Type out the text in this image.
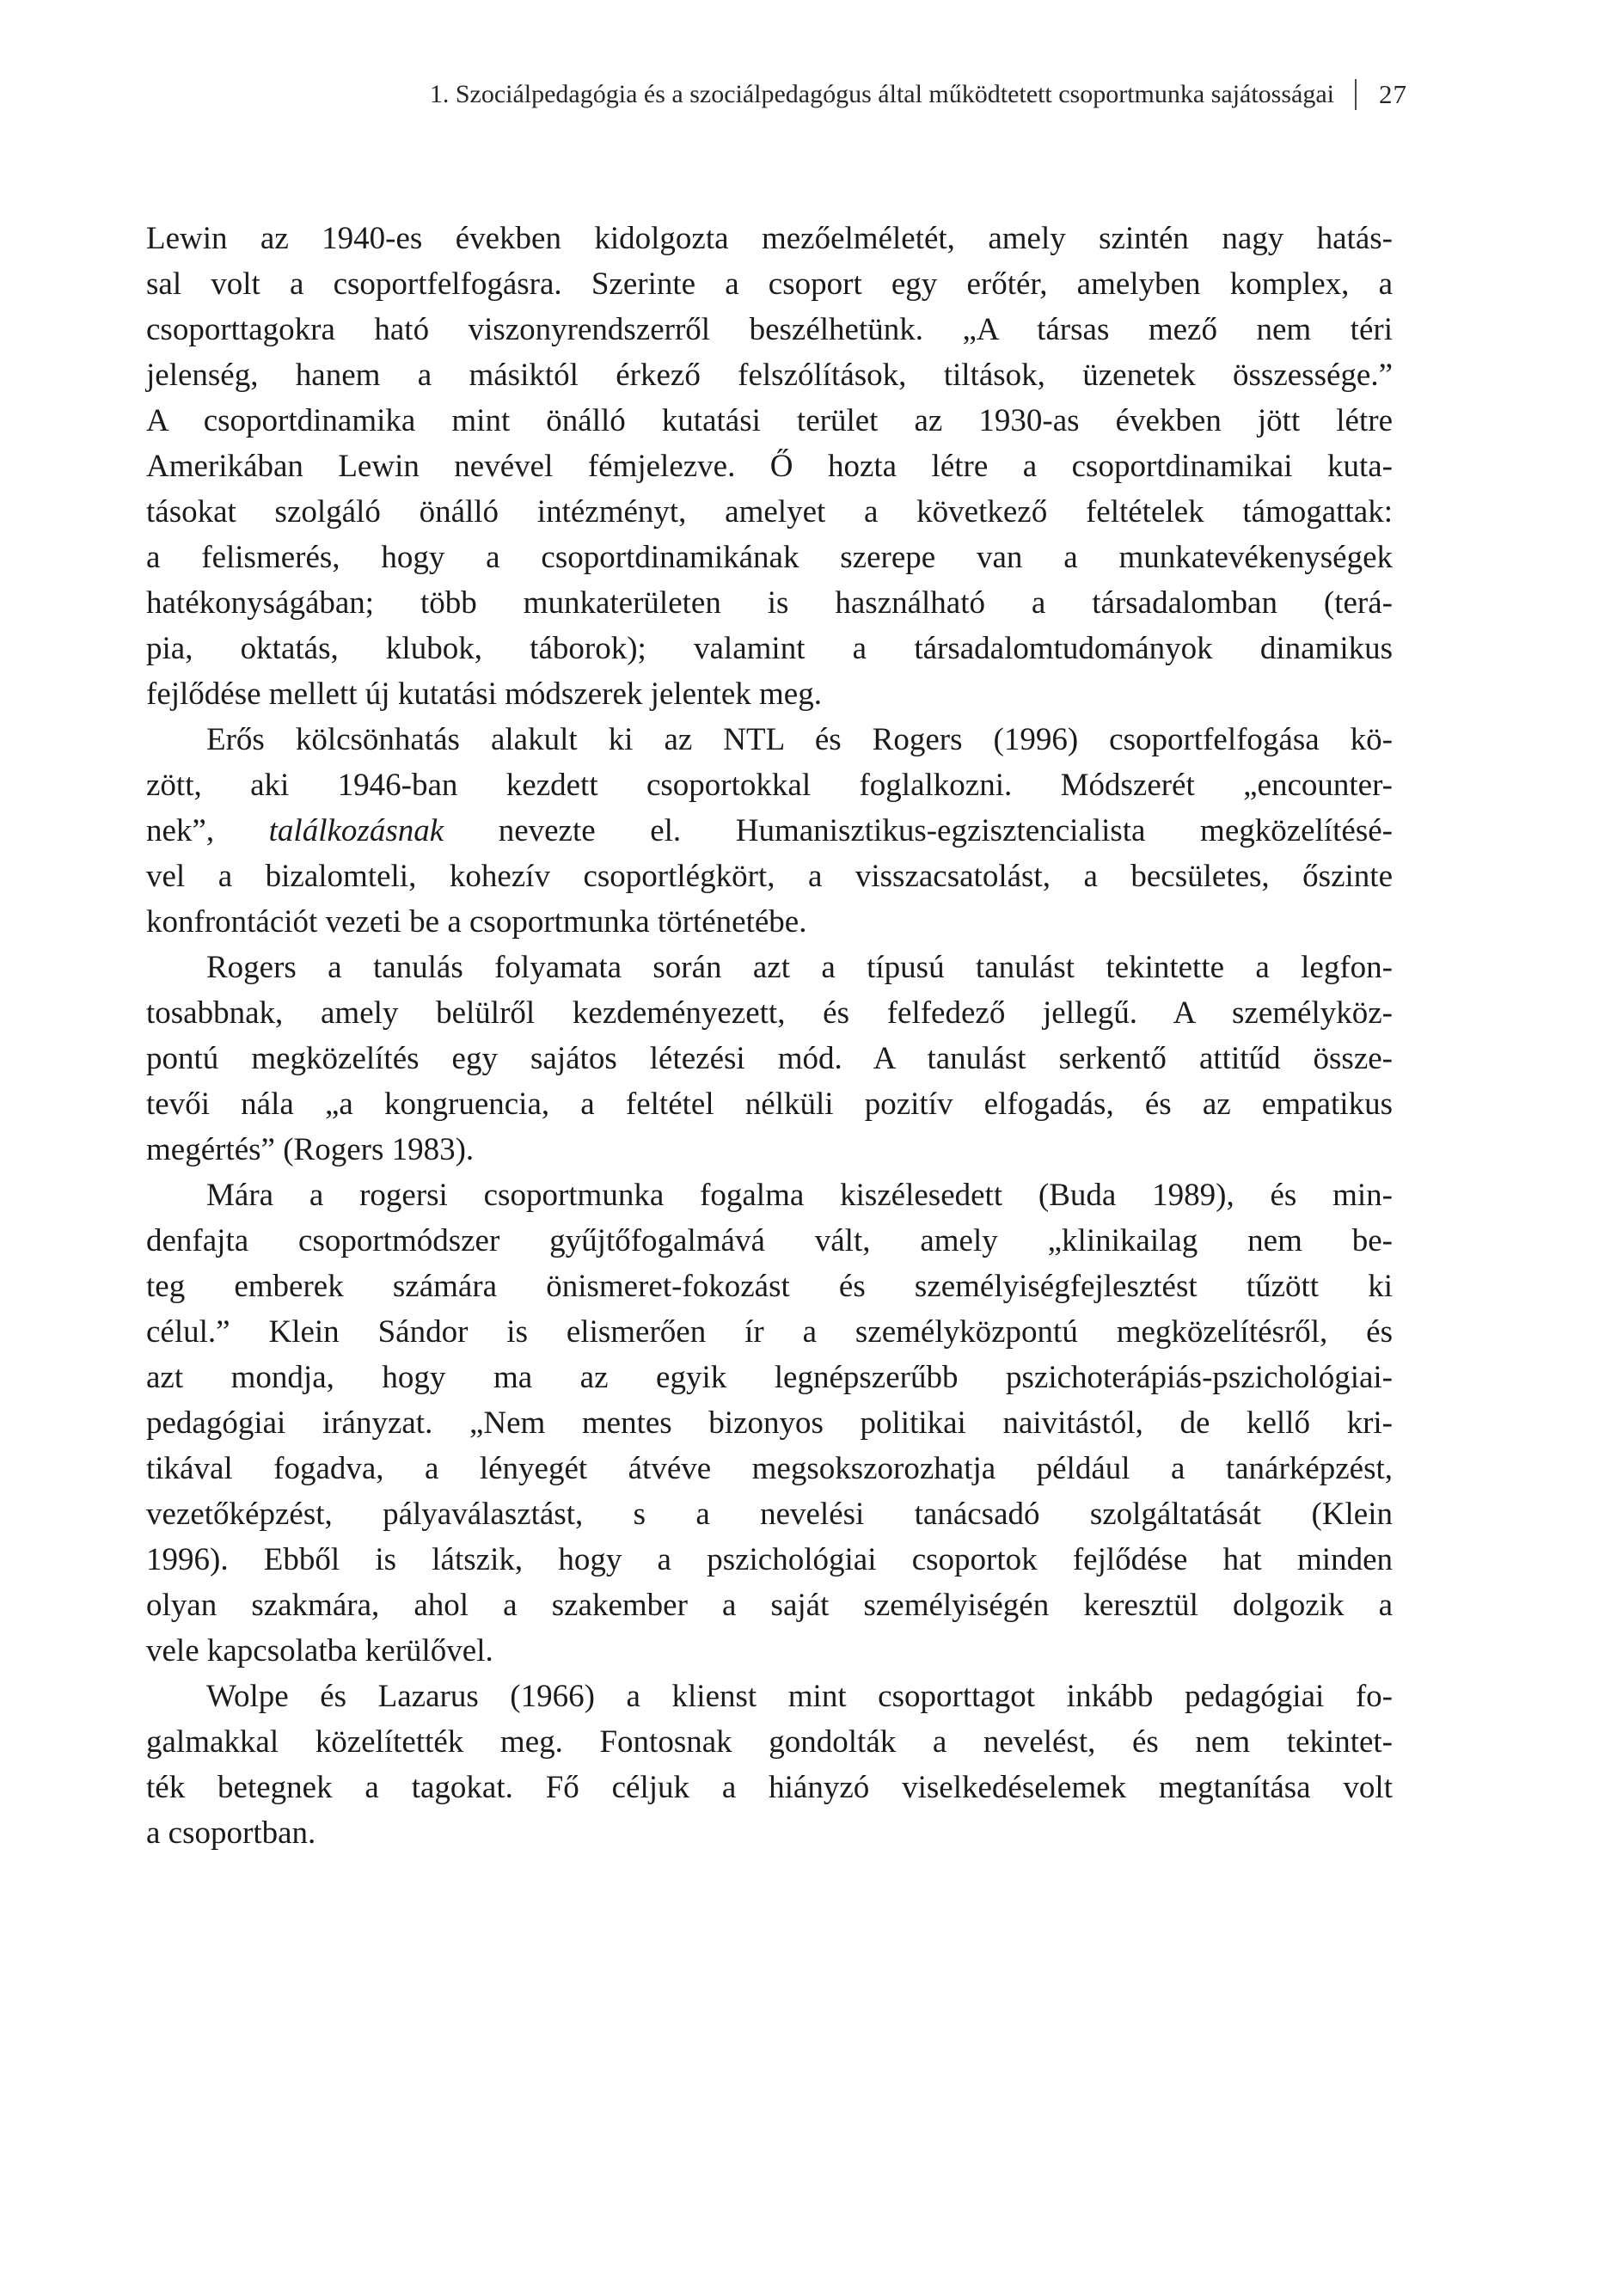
1. Szociálpedagógia és a szociálpedagógus által működtetett csoportmunka sajátosságai 27
Lewin az 1940-es években kidolgozta mezőelméletét, amely szintén nagy hatás-
sal volt a csoportfelfogásra. Szerinte a csoport egy erőtér, amelyben komplex, a
csoporttagokra ható viszonyrendszerről beszélhetünk. „A társas mező nem téri
jelenség, hanem a másiktól érkező felszólítások, tiltások, üzenetek összessége.”
A csoportdinamika mint önálló kutatási terület az 1930-as években jött létre
Amerikában Lewin nevével fémjelezve. Ő hozta létre a csoportdinamikai kuta-
tásokat szolgáló önálló intézményt, amelyet a következő feltételek támogattak:
a felismerés, hogy a csoportdinamikának szerepe van a munkatevékenységek
hatékonyságában; több munkaterületen is használható a társadalomban (terá-
pia, oktatás, klubok, táborok); valamint a társadalomtudományok dinamikus
fejlődése mellett új kutatási módszerek jelentek meg.
Erős kölcsönhatás alakult ki az NTL és Rogers (1996) csoportfelfogása kö-
zött, aki 1946-ban kezdett csoportokkal foglalkozni. Módszerét „encounter-
nek”, találkozásnak nevezte el. Humanisztikus-egzisztencialista megközelítésé-
vel a bizalomteli, kohezív csoportlégkört, a visszacsatolást, a becsületes, őszinte
konfrontációt vezeti be a csoportmunka történetébe.
Rogers a tanulás folyamata során azt a típusú tanulást tekintette a legfon-
tosabbnak, amely belülről kezdeményezett, és felfedező jellegű. A személyköz-
pontú megközelítés egy sajátos létezési mód. A tanulást serkentő attitűd össze-
tevői nála „a kongruencia, a feltétel nélküli pozitív elfogadás, és az empatikus
megértés” (Rogers 1983).
Mára a rogersi csoportmunka fogalma kiszélesedett (Buda 1989), és min-
denfajta csoportmódszer gyűjtőfogalmává vált, amely „klinikailag nem be-
teg emberek számára önismeret-fokozást és személyiségfejlesztést tűzött ki
célul.” Klein Sándor is elismerően ír a személyközpontú megközelítésről, és
azt mondja, hogy ma az egyik legnépszerűbb pszichoterápiás-pszichológiai-
pedagógiai irányzat. „Nem mentes bizonyos politikai naivitástól, de kellő kri-
tikával fogadva, a lényegét átvéve megsokszorozhatja például a tanárképzést,
vezetőképzést, pályaválasztást, s a nevelési tanácsadó szolgáltatását (Klein
1996). Ebből is látszik, hogy a pszichológiai csoportok fejlődése hat minden
olyan szakmára, ahol a szakember a saját személyiségén keresztül dolgozik a
vele kapcsolatba kerülővel.
Wolpe és Lazarus (1966) a klienst mint csoporttagot inkább pedagógiai fo-
galmakkal közelítették meg. Fontosnak gondolták a nevelést, és nem tekintet-
ték betegnek a tagokat. Fő céljuk a hiányzó viselkedéselemek megtanítása volt
a csoportban.
